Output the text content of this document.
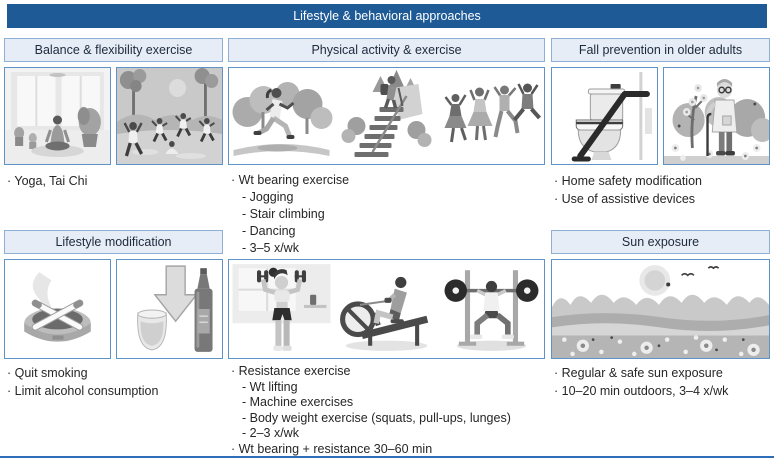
Lifestyle & behavioral approaches
Balance & flexibility exercise
· Yoga, Tai Chi
Lifestyle modification
· Quit smoking
· Limit alcohol consumption
Physical activity & exercise
· Wt bearing exercise
- Jogging
- Stair climbing
- Dancing
- 3–5 x/wk
· Resistance exercise
- Wt lifting
- Machine exercises
- Body weight exercise (squats, pull-ups, lunges)
- 2–3 x/wk
· Wt bearing + resistance 30–60 min
Fall prevention in older adults
· Home safety modification
· Use of assistive devices
Sun exposure
· Regular & safe sun exposure
· 10–20 min outdoors, 3–4 x/wk
